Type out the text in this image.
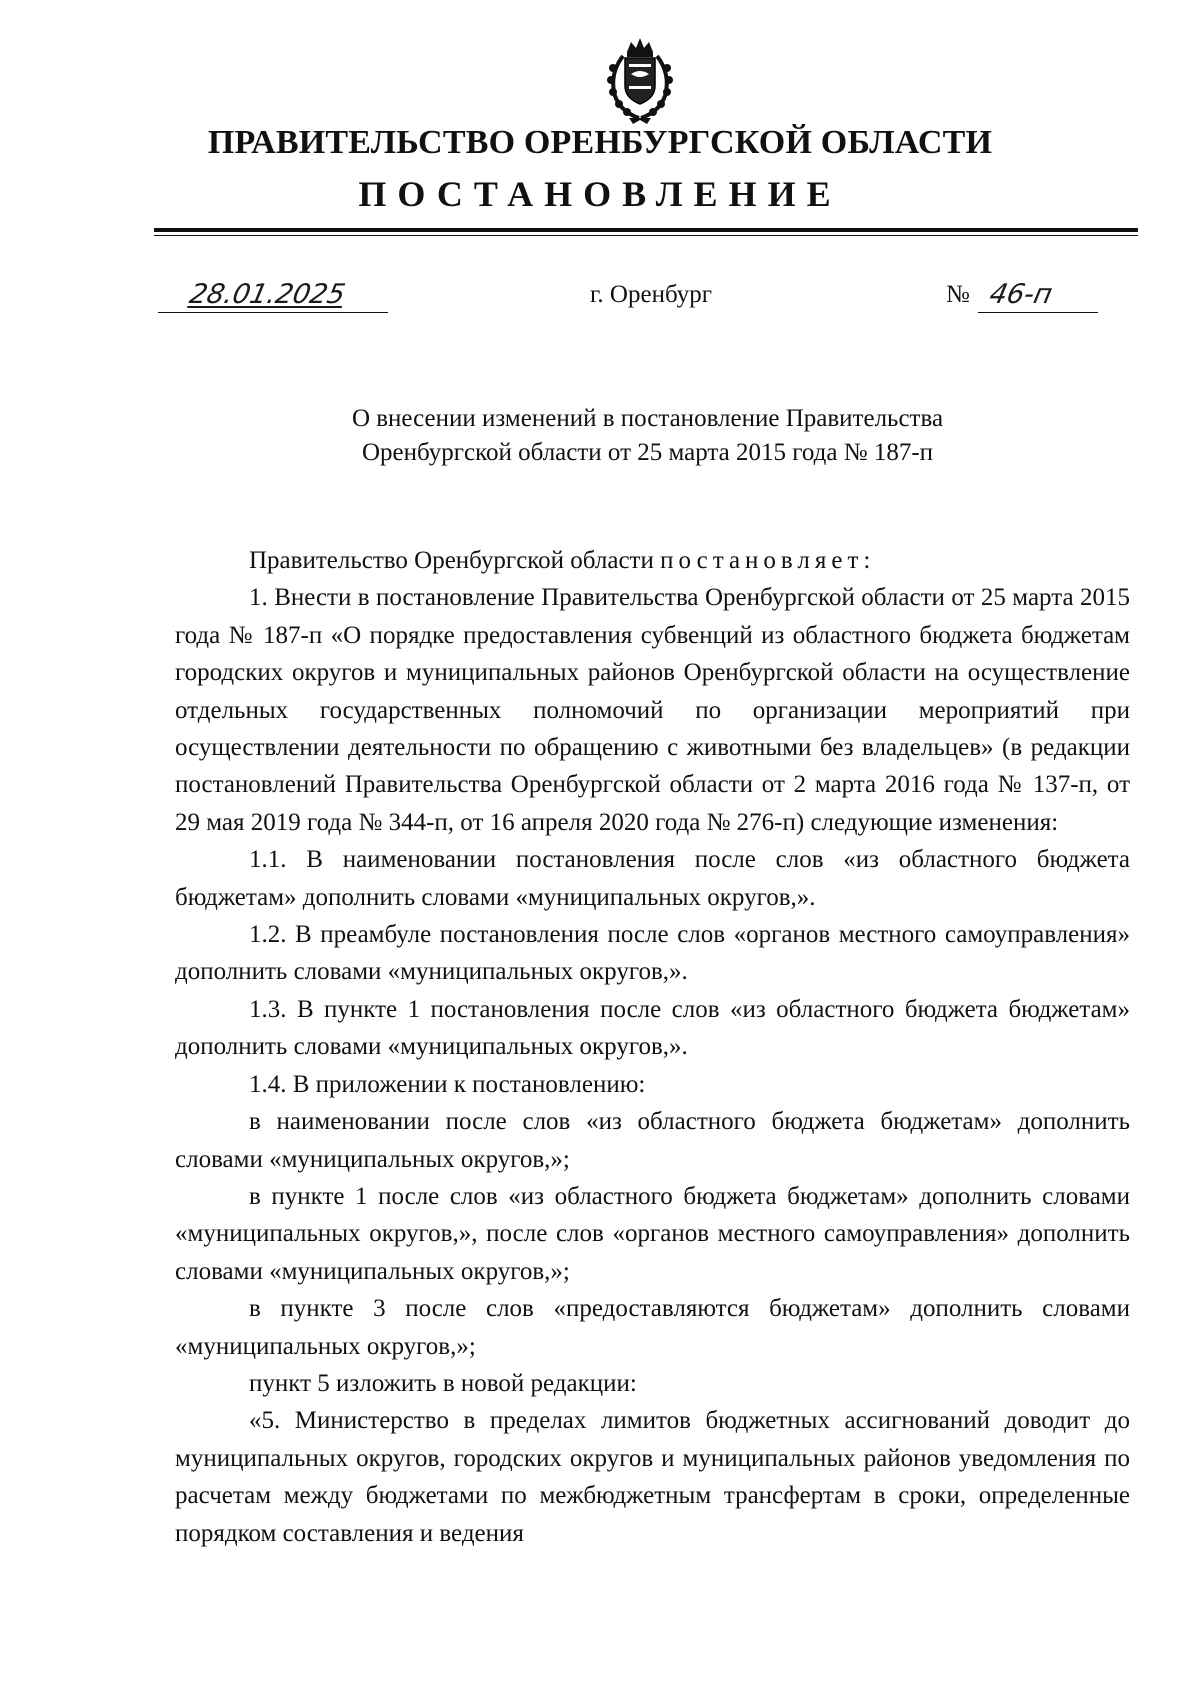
ПРАВИТЕЛЬСТВО ОРЕНБУРГСКОЙ ОБЛАСТИ
ПОСТАНОВЛЕНИЕ
28.01.2025	г. Оренбург	№ 46-п
О внесении изменений в постановление Правительства
Оренбургской области от 25 марта 2015 года № 187-п

Правительство Оренбургской области постановляет:

1. Внести в постановление Правительства Оренбургской области от 25 марта 2015 года № 187-п «О порядке предоставления субвенций из областного бюджета бюджетам городских округов и муниципальных районов Оренбургской области на осуществление отдельных государственных полномочий по организации мероприятий при осуществлении деятельности по обращению с животными без владельцев» (в редакции постановлений Правительства Оренбургской области от 2 марта 2016 года № 137-п, от 29 мая 2019 года № 344-п, от 16 апреля 2020 года № 276-п) следующие изменения:

1.1. В наименовании постановления после слов «из областного бюджета бюджетам» дополнить словами «муниципальных округов,».

1.2. В преамбуле постановления после слов «органов местного самоуправления» дополнить словами «муниципальных округов,».

1.3. В пункте 1 постановления после слов «из областного бюджета бюджетам» дополнить словами «муниципальных округов,».

1.4. В приложении к постановлению:

в наименовании после слов «из областного бюджета бюджетам» дополнить словами «муниципальных округов,»;

в пункте 1 после слов «из областного бюджета бюджетам» дополнить словами «муниципальных округов,», после слов «органов местного самоуправления» дополнить словами «муниципальных округов,»;

в пункте 3 после слов «предоставляются бюджетам» дополнить словами «муниципальных округов,»;

пункт 5 изложить в новой редакции:

«5. Министерство в пределах лимитов бюджетных ассигнований доводит до муниципальных округов, городских округов и муниципальных районов уведомления по расчетам между бюджетами по межбюджетным трансфертам в сроки, определенные порядком составления и ведения
